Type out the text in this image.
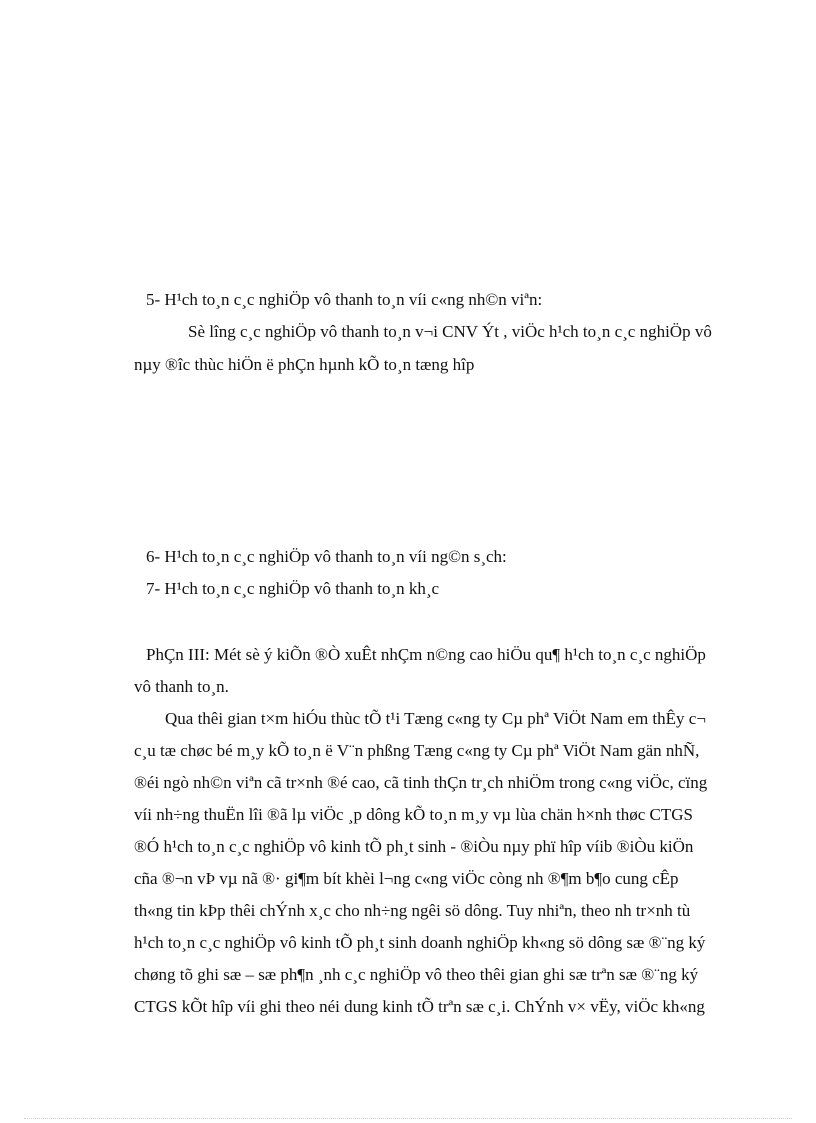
5- H¹ch to¸n c¸c nghiÖp vô thanh to¸n víi c«ng nh©n viªn:
Sè lîng c¸c nghiÖp vô thanh to¸n v¬i CNV Ýt , viÖc h¹ch to¸n c¸c nghiÖp vô
nµy ®îc thùc hiÖn ë phÇn hµnh kÕ to¸n tæng hîp
6- H¹ch to¸n c¸c nghiÖp vô thanh to¸n víi ng©n s¸ch:
7- H¹ch to¸n c¸c nghiÖp vô thanh to¸n kh¸c
PhÇn III: Mét sè ý kiÕn ®Ò xuÊt nhÇm n©ng cao hiÖu qu¶ h¹ch to¸n c¸c nghiÖp
vô thanh to¸n.
Qua thêi gian t×m hiÓu thùc tÕ t¹i Tæng c«ng ty Cµ phª ViÖt Nam em thÊy c¬
c¸u tæ chøc bé m¸y kÕ to¸n ë V¨n phßng Tæng c«ng ty Cµ phª ViÖt Nam gän nhÑ,
®éi ngò nh©n viªn cã tr×nh ®é cao, cã tinh thÇn tr¸ch nhiÖm trong c«ng viÖc, cïng
víi nh÷ng thuËn lîi ®ã lµ viÖc ¸p dông kÕ to¸n m¸y vµ lùa chän h×nh thøc CTGS
®Ó h¹ch to¸n c¸c nghiÖp vô kinh tÕ ph¸t sinh - ®iÒu nµy phï hîp víib ®iÒu kiÖn
cña ®¬n vÞ vµ nã ®· gi¶m bít khèi l¬ng c«ng viÖc còng nh ®¶m b¶o cung cÊp
th«ng tin kÞp thêi chÝnh x¸c cho nh÷ng ngêi sö dông. Tuy nhiªn, theo nh tr×nh tù
h¹ch to¸n c¸c nghiÖp vô kinh tÕ ph¸t sinh doanh nghiÖp kh«ng sö dông sæ ®¨ng ký
chøng tõ ghi sæ – sæ ph¶n ¸nh c¸c nghiÖp vô theo thêi gian ghi sæ trªn sæ ®¨ng ký
CTGS kÕt hîp víi ghi theo néi dung kinh tÕ trªn sæ c¸i. ChÝnh v× vËy, viÖc kh«ng
